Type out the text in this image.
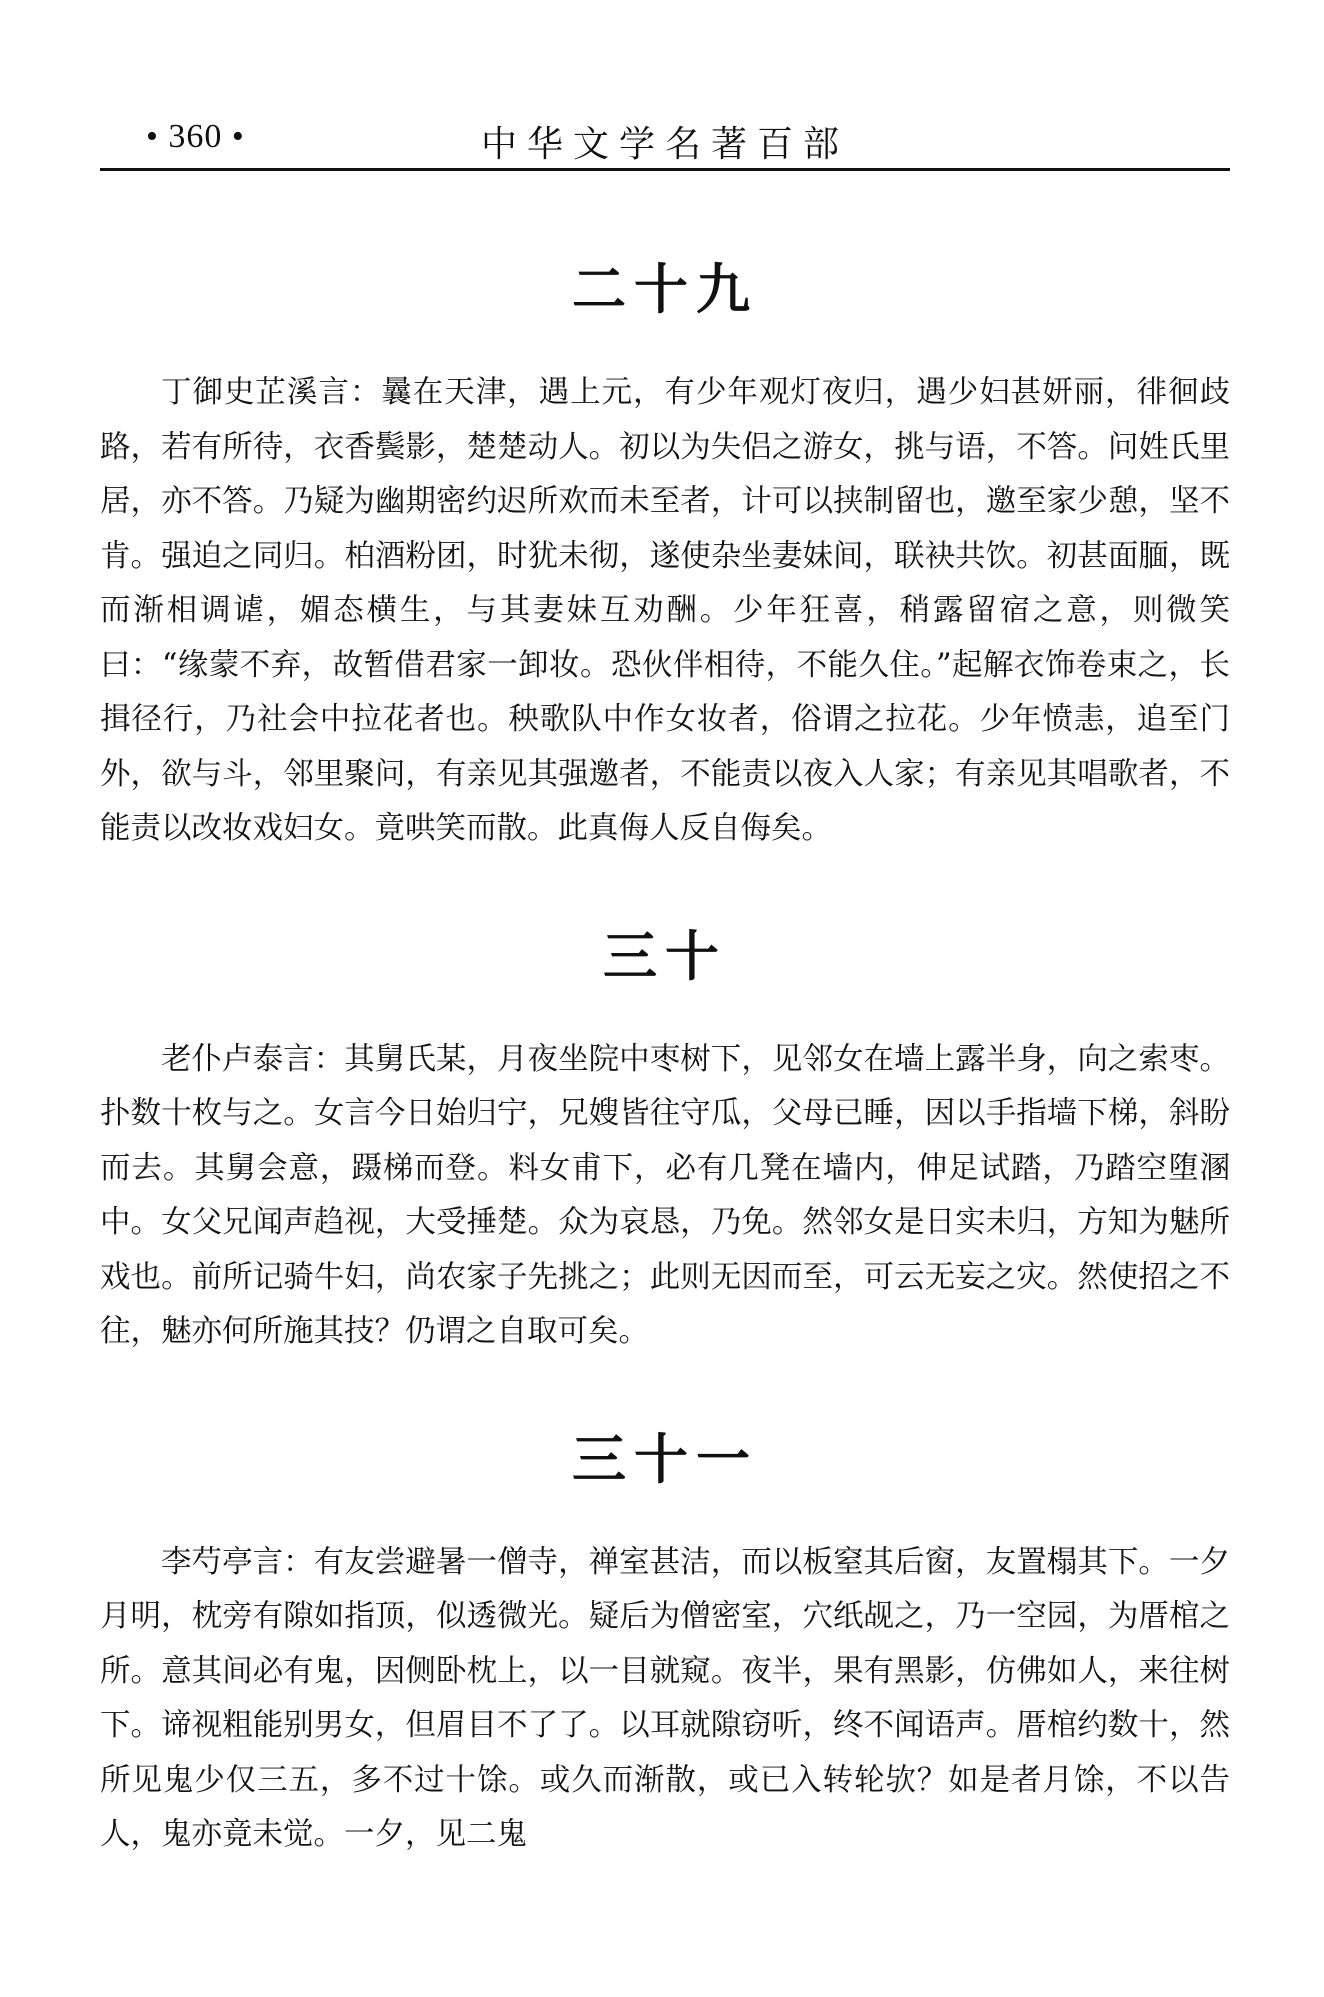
• 360 •	中华文学名著百部
二十九

丁御史芷溪言：曩在天津，遇上元，有少年观灯夜归，遇少妇甚妍丽，徘徊歧路，若有所待，衣香鬓影，楚楚动人。初以为失侣之游女，挑与语，不答。问姓氏里居，亦不答。乃疑为幽期密约迟所欢而未至者，计可以挟制留也，邀至家少憩，坚不肯。强迫之同归。柏酒粉团，时犹未彻，遂使杂坐妻妹间，联袂共饮。初甚面腼，既而渐相调谑，媚态横生，与其妻妹互劝酬。少年狂喜，稍露留宿之意，则微笑曰：“缘蒙不弃，故暂借君家一卸妆。恐伙伴相待，不能久住。”起解衣饰卷束之，长揖径行，乃社会中拉花者也。秧歌队中作女妆者，俗谓之拉花。少年愤恚，追至门外，欲与斗，邻里聚问，有亲见其强邀者，不能责以夜入人家；有亲见其唱歌者，不能责以改妆戏妇女。竟哄笑而散。此真侮人反自侮矣。

三十

老仆卢泰言：其舅氏某，月夜坐院中枣树下，见邻女在墙上露半身，向之索枣。扑数十枚与之。女言今日始归宁，兄嫂皆往守瓜，父母已睡，因以手指墙下梯，斜盼而去。其舅会意，蹑梯而登。料女甫下，必有几凳在墙内，伸足试踏，乃踏空堕溷中。女父兄闻声趋视，大受捶楚。众为哀恳，乃免。然邻女是日实未归，方知为魅所戏也。前所记骑牛妇，尚农家子先挑之；此则无因而至，可云无妄之灾。然使招之不往，魅亦何所施其技？仍谓之自取可矣。

三十一

李芍亭言：有友尝避暑一僧寺，禅室甚洁，而以板窒其后窗，友置榻其下。一夕月明，枕旁有隙如指顶，似透微光。疑后为僧密室，穴纸觇之，乃一空园，为厝棺之所。意其间必有鬼，因侧卧枕上，以一目就窥。夜半，果有黑影，仿佛如人，来往树下。谛视粗能别男女，但眉目不了了。以耳就隙窃听，终不闻语声。厝棺约数十，然所见鬼少仅三五，多不过十馀。或久而渐散，或已入转轮欤？如是者月馀，不以告人，鬼亦竟未觉。一夕，见二鬼
